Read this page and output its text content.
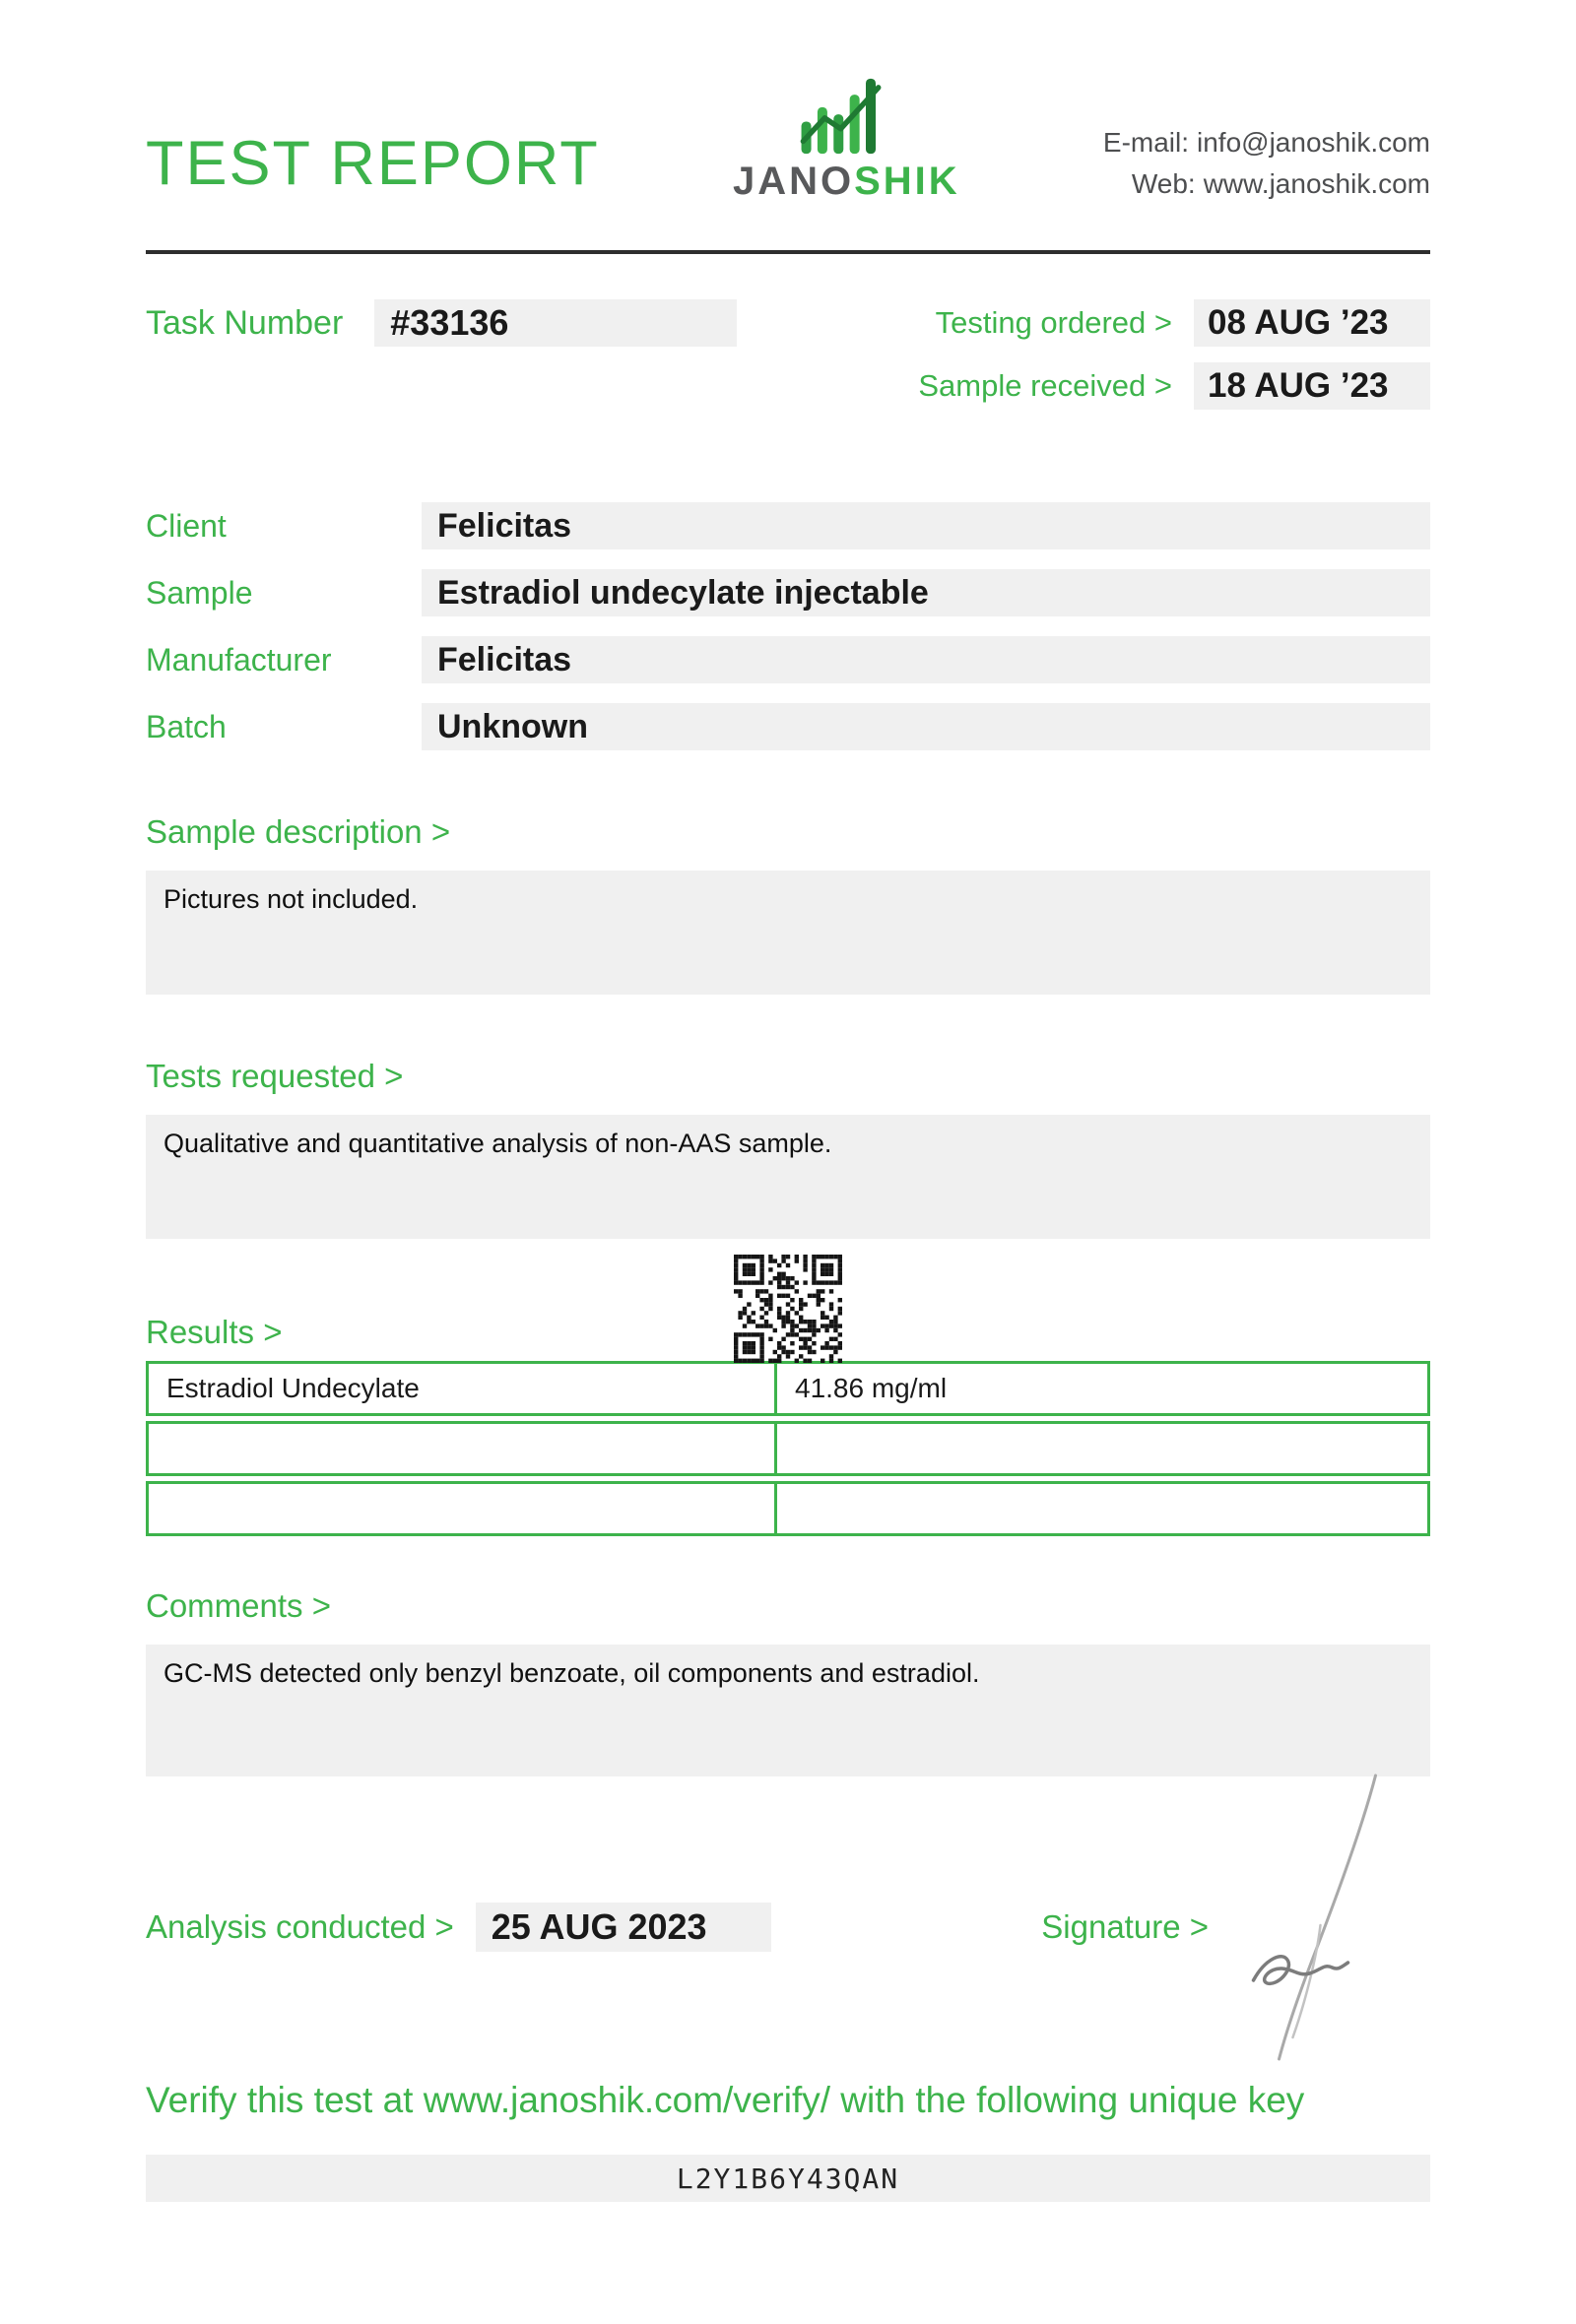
TEST REPORT	JANOSHIK
E-mail: info@janoshik.com
Web: www.janoshik.com
Task Number	#33136	Testing ordered >	08 AUG ’23
Sample received >	18 AUG ’23
Client	Felicitas
Sample	Estradiol undecylate injectable
Manufacturer	Felicitas
Batch	Unknown
Sample description >
Pictures not included.
Tests requested >
Qualitative and quantitative analysis of non-AAS sample.
Results >
Estradiol Undecylate	41.86 mg/ml
Comments >
GC-MS detected only benzyl benzoate, oil components and estradiol.
Analysis conducted >	25 AUG 2023	Signature >
Verify this test at www.janoshik.com/verify/ with the following unique key
L2Y1B6Y43QAN
